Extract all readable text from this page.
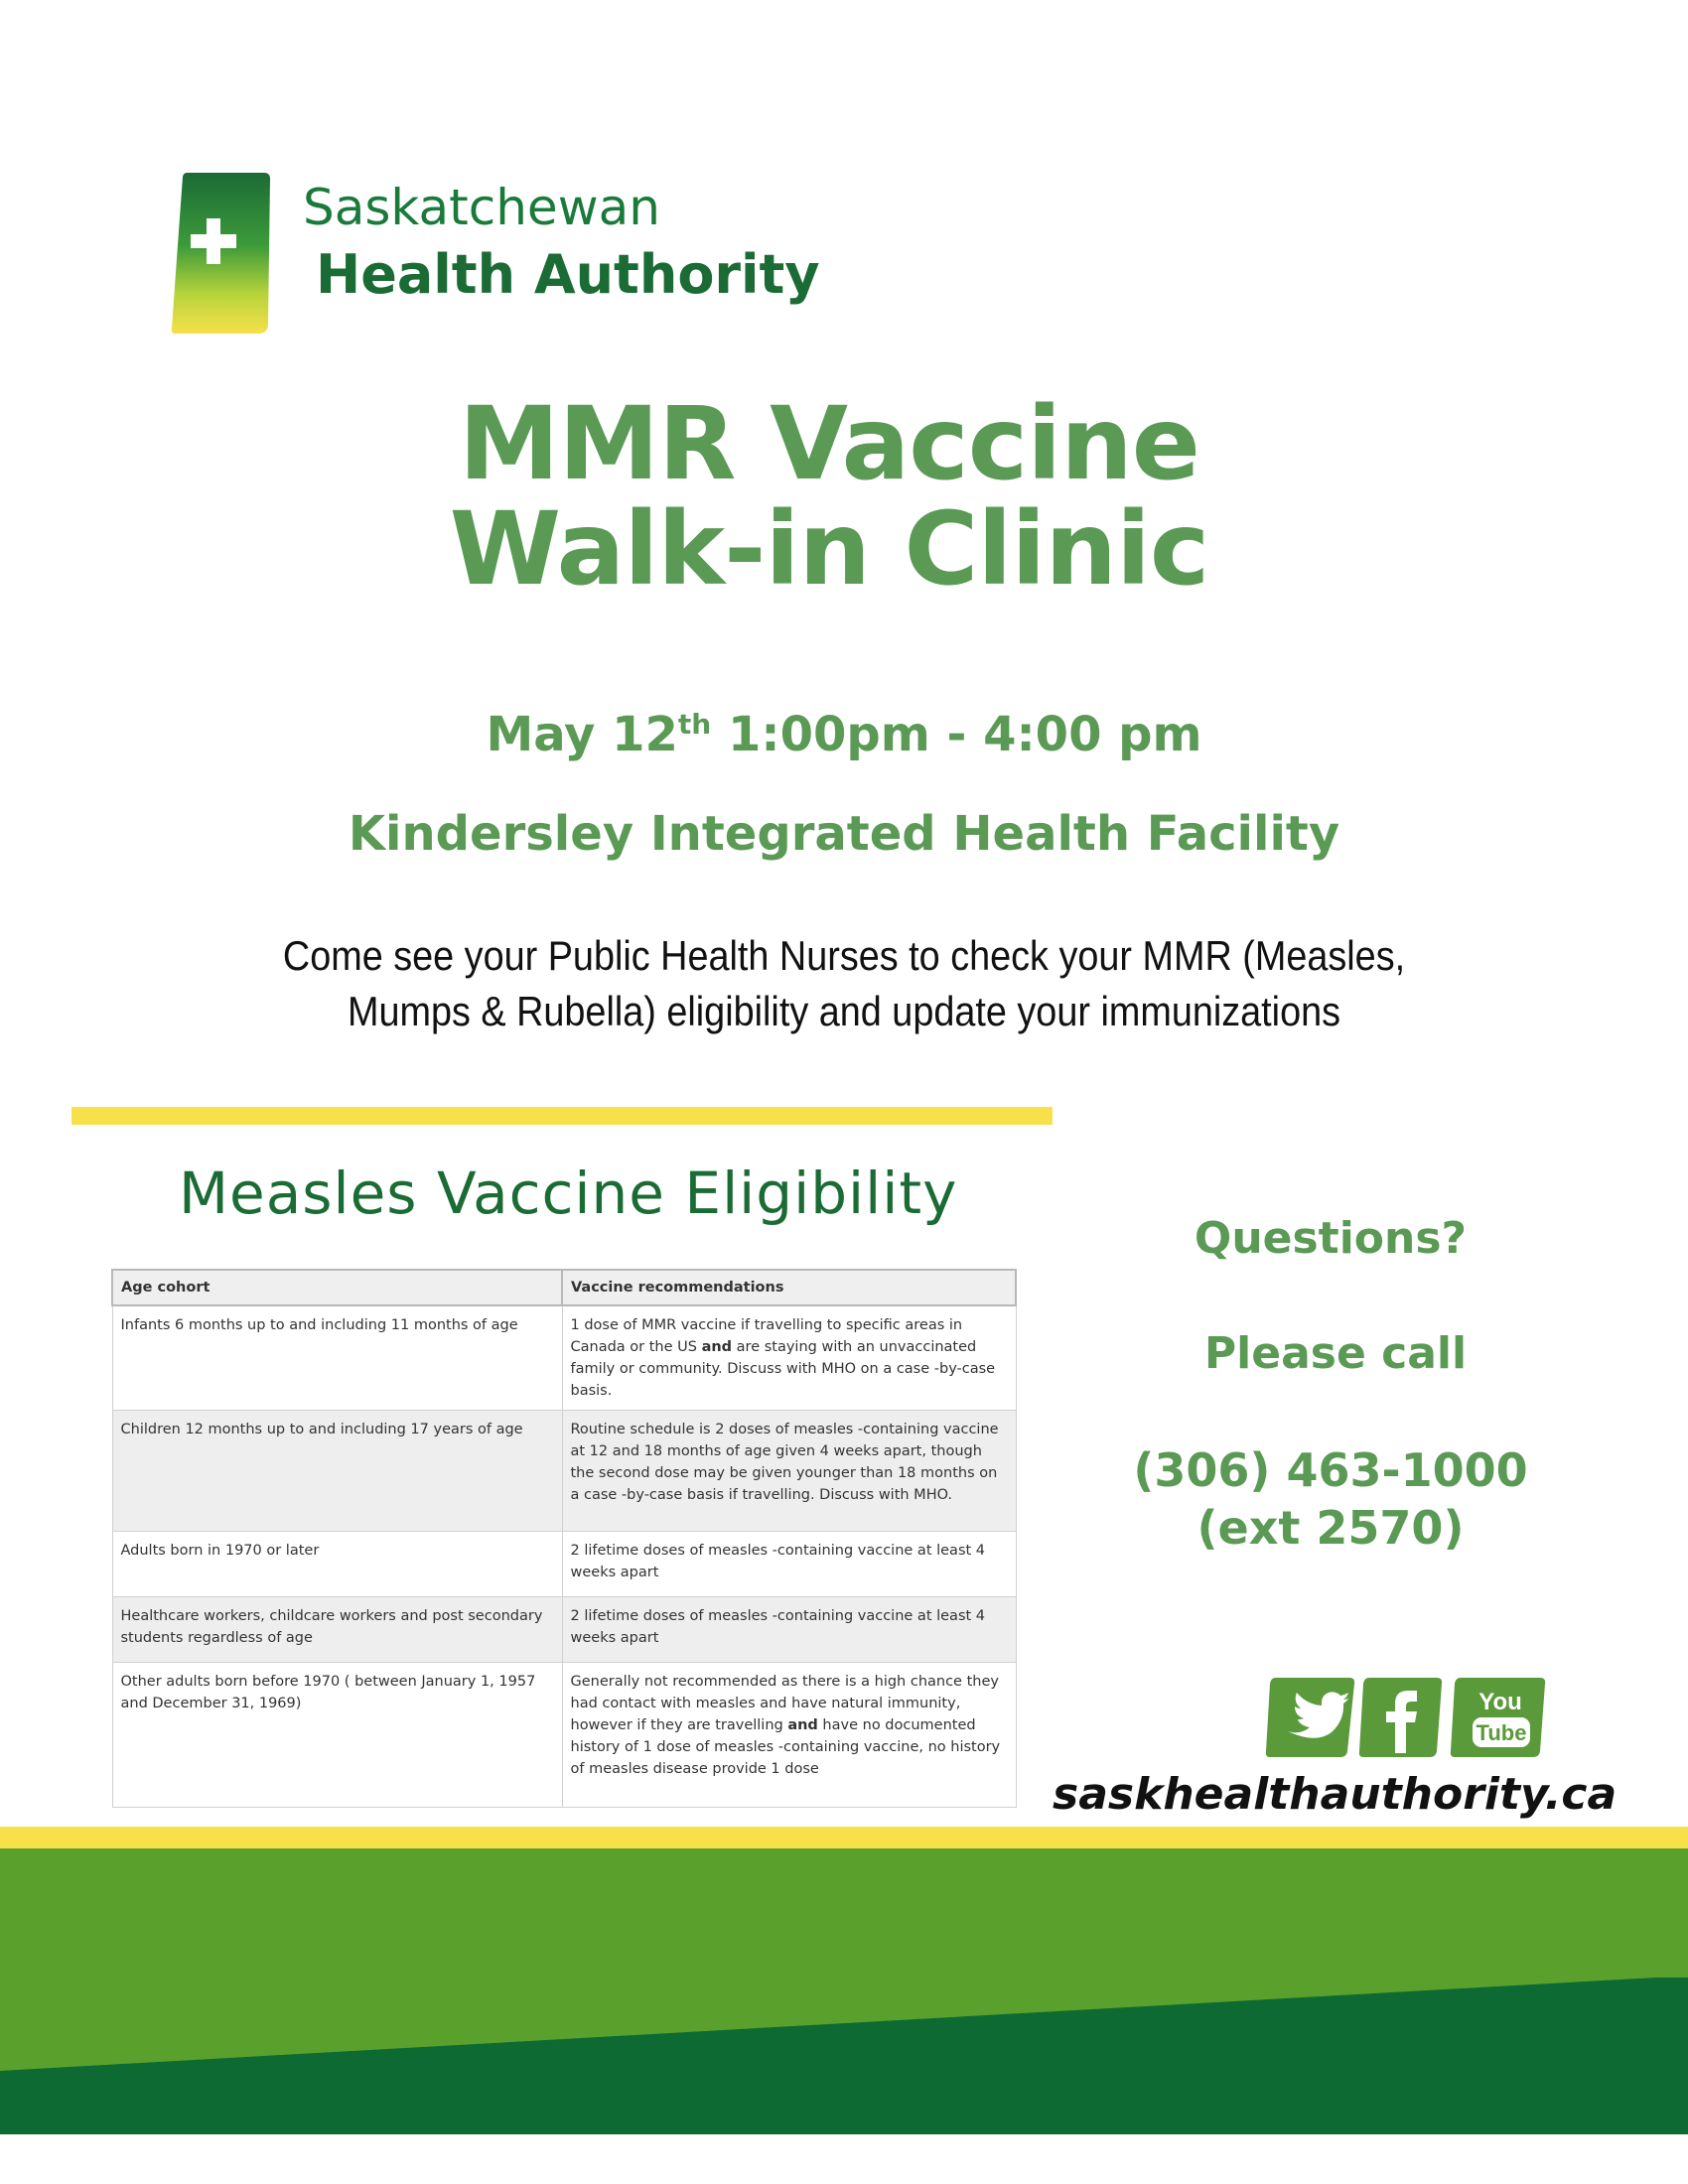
Saskatchewan
Health Authority
MMR Vaccine
Walk-in Clinic
May 12th 1:00pm - 4:00 pm
Kindersley Integrated Health Facility
Come see your Public Health Nurses to check your MMR (Measles,
Mumps & Rubella) eligibility and update your immunizations
Measles Vaccine Eligibility
Age cohort	Vaccine recommendations
Infants 6 months up to and including 11 months of age	1 dose of MMR vaccine if travelling to specific areas in Canada or the US and are staying with an unvaccinated family or community. Discuss with MHO on a case -by-case basis.
Children 12 months up to and including 17 years of age	Routine schedule is 2 doses of measles -containing vaccine at 12 and 18 months of age given 4 weeks apart, though the second dose may be given younger than 18 months on a case -by-case basis if travelling. Discuss with MHO.
Adults born in 1970 or later	2 lifetime doses of measles -containing vaccine at least 4 weeks apart
Healthcare workers, childcare workers and post secondary students regardless of age	2 lifetime doses of measles -containing vaccine at least 4 weeks apart
Other adults born before 1970 ( between January 1, 1957 and December 31, 1969)	Generally not recommended as there is a high chance they had contact with measles and have natural immunity, however if they are travelling and have no documented history of 1 dose of measles -containing vaccine, no history of measles disease provide 1 dose
Questions?
Please call
(306) 463-1000
(ext 2570)
You
Tube
saskhealthauthority.ca
